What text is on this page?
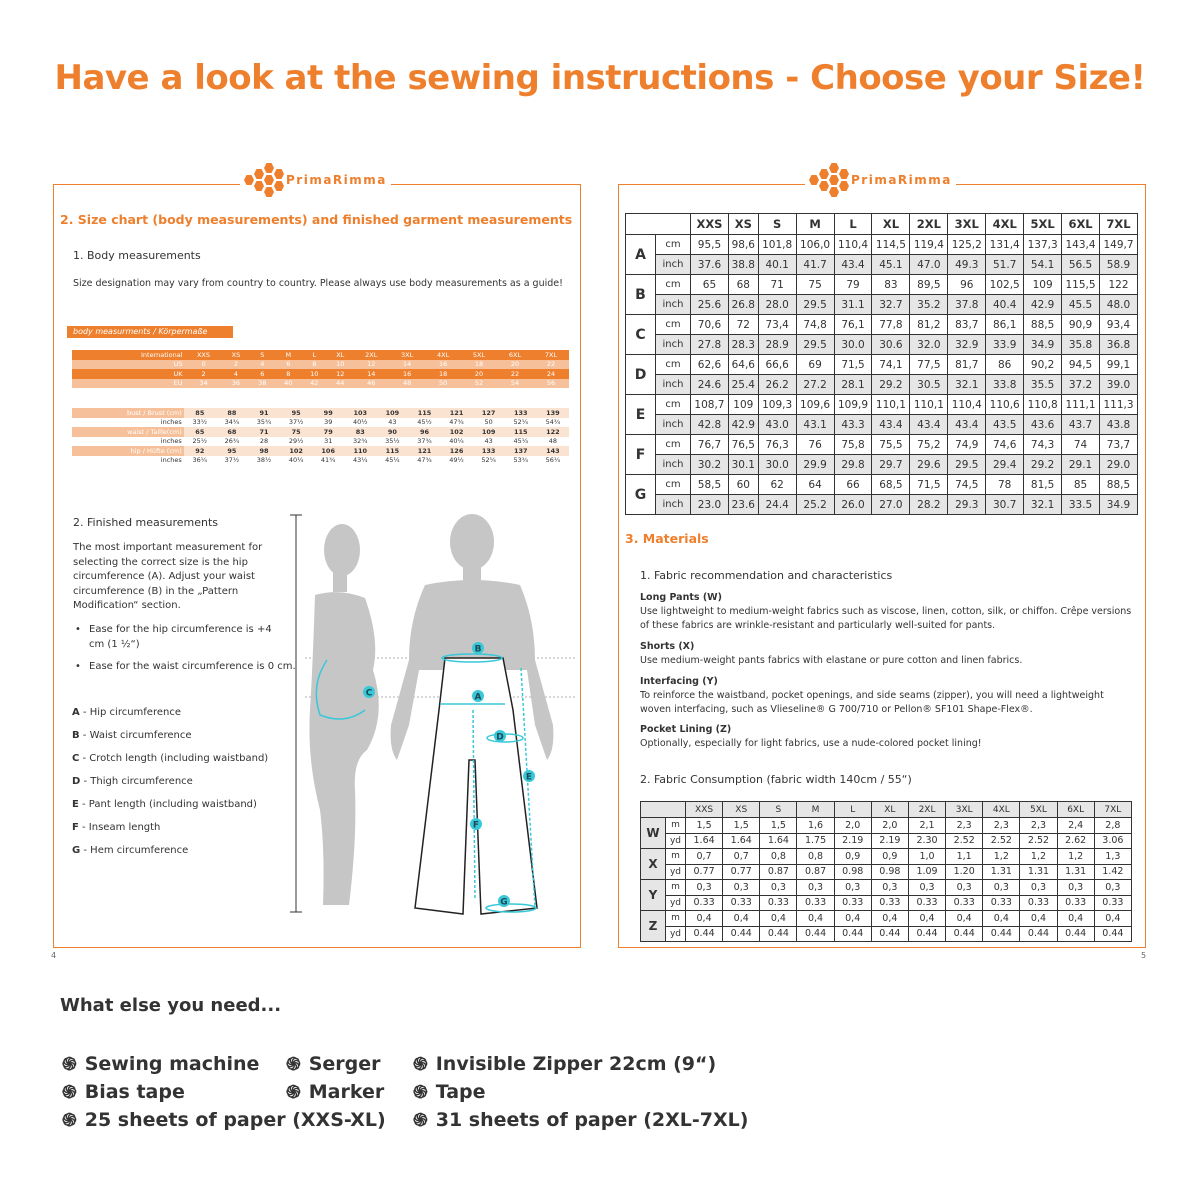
Have a look at the sewing instructions - Choose your Size!
PrimaRimma
4
2. Size chart (body measurements) and finished garment measurements
1. Body measurements
Size designation may vary from country to country. Please always use body measurements as a guide!
body measurments / Körpermaße
International	XXS	XS	S	M	L	XL	2XL	3XL	4XL	5XL	6XL	7XL
US	0	2	4	6	8	10	12	14	16	18	20	22
UK	2	4	6	8	10	12	14	16	18	20	22	24
EU	34	36	38	40	42	44	46	48	50	52	54	56
bust / Brust (cm)	85	88	91	95	99	103	109	115	121	127	133	139
inches	33½	34¾	35¾	37½	39	40½	43	45½	47¾	50	52¼	54¾
waist / Taille(cm)	65	68	71	75	79	83	90	96	102	109	115	122
inches	25½	26¾	28	29½	31	32¾	35½	37¾	40¼	43	45¼	48
hip / Hüfte (cm)	92	95	98	102	106	110	115	121	126	133	137	143
inches	36¼	37½	38½	40¼	41¾	43¼	45¼	47¾	49½	52¼	53¾	56¼
2. Finished measurements
The most important measurement for selecting the correct size is the hip circumference (A). Adjust your waist circumference (B) in the „Pattern Modification“ section.
• Ease for the hip circumference is +4 cm (1 ½“)
• Ease for the waist circumference is 0 cm.
A - Hip circumference
B - Waist circumference
C - Crotch length (including waistband)
D - Thigh circumference
E - Pant length (including waistband)
F - Inseam length
G - Hem circumference
A
B
C
D
E
F
G
PrimaRimma
5
		XXS	XS	S	M	L	XL	2XL	3XL	4XL	5XL	6XL	7XL
A	cm	95,5	98,6	101,8	106,0	110,4	114,5	119,4	125,2	131,4	137,3	143,4	149,7
	inch	37.6	38.8	40.1	41.7	43.4	45.1	47.0	49.3	51.7	54.1	56.5	58.9
B	cm	65	68	71	75	79	83	89,5	96	102,5	109	115,5	122
	inch	25.6	26.8	28.0	29.5	31.1	32.7	35.2	37.8	40.4	42.9	45.5	48.0
C	cm	70,6	72	73,4	74,8	76,1	77,8	81,2	83,7	86,1	88,5	90,9	93,4
	inch	27.8	28.3	28.9	29.5	30.0	30.6	32.0	32.9	33.9	34.9	35.8	36.8
D	cm	62,6	64,6	66,6	69	71,5	74,1	77,5	81,7	86	90,2	94,5	99,1
	inch	24.6	25.4	26.2	27.2	28.1	29.2	30.5	32.1	33.8	35.5	37.2	39.0
E	cm	108,7	109	109,3	109,6	109,9	110,1	110,1	110,4	110,6	110,8	111,1	111,3
	inch	42.8	42.9	43.0	43.1	43.3	43.4	43.4	43.4	43.5	43.6	43.7	43.8
F	cm	76,7	76,5	76,3	76	75,8	75,5	75,2	74,9	74,6	74,3	74	73,7
	inch	30.2	30.1	30.0	29.9	29.8	29.7	29.6	29.5	29.4	29.2	29.1	29.0
G	cm	58,5	60	62	64	66	68,5	71,5	74,5	78	81,5	85	88,5
	inch	23.0	23.6	24.4	25.2	26.0	27.0	28.2	29.3	30.7	32.1	33.5	34.9
3. Materials
1. Fabric recommendation and characteristics
Long Pants (W)
Use lightweight to medium-weight fabrics such as viscose, linen, cotton, silk, or chiffon. Crêpe versions of these fabrics are wrinkle-resistant and particularly well-suited for pants.
Shorts (X)
Use medium-weight pants fabrics with elastane or pure cotton and linen fabrics.
Interfacing (Y)
To reinforce the waistband, pocket openings, and side seams (zipper), you will need a lightweight woven interfacing, such as Vlieseline® G 700/710 or Pellon® SF101 Shape-Flex®.
Pocket Lining (Z)
Optionally, especially for light fabrics, use a nude-colored pocket lining!
2. Fabric Consumption (fabric width 140cm / 55“)
		XXS	XS	S	M	L	XL	2XL	3XL	4XL	5XL	6XL	7XL
W	m	1,5	1,5	1,5	1,6	2,0	2,0	2,1	2,3	2,3	2,3	2,4	2,8
	yd	1.64	1.64	1.64	1.75	2.19	2.19	2.30	2.52	2.52	2.52	2.62	3.06
X	m	0,7	0,7	0,8	0,8	0,9	0,9	1,0	1,1	1,2	1,2	1,2	1,3
	yd	0.77	0.77	0.87	0.87	0.98	0.98	1.09	1.20	1.31	1.31	1.31	1.42
Y	m	0,3	0,3	0,3	0,3	0,3	0,3	0,3	0,3	0,3	0,3	0,3	0,3
	yd	0.33	0.33	0.33	0.33	0.33	0.33	0.33	0.33	0.33	0.33	0.33	0.33
Z	m	0,4	0,4	0,4	0,4	0,4	0,4	0,4	0,4	0,4	0,4	0,4	0,4
	yd	0.44	0.44	0.44	0.44	0.44	0.44	0.44	0.44	0.44	0.44	0.44	0.44
What else you need...
֍ Sewing machine ֍ Serger ֍ Invisible Zipper 22cm (9“)
֍ Bias tape	֍ Marker ֍ Tape
֍ 25 sheets of paper (XXS-XL) ֍ 31 sheets of paper (2XL-7XL)
